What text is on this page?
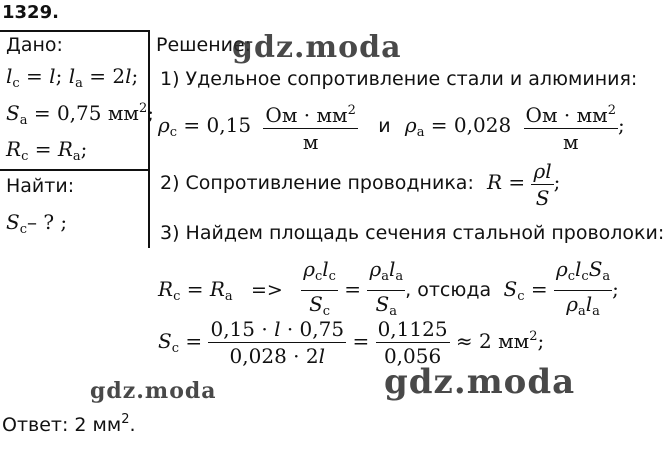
1329.
Дано:
$l_c = l$; $l_a = 2l$;
$S_a = 0,75$ $мм^2$;
$R_c = R_a$;
Найти:
$S_c-$ ? ;
Решение:
1) Удельное сопротивление стали и алюминия:
$\rho_c = 0,15 \frac{Ом \cdot мм^2}{м}$ и $\rho_a = 0,028 \frac{Ом \cdot мм^2}{м}$ ;
2) Сопротивление проводника: $R = \frac{\rho l}{S}$ ;
3) Найдем площадь сечения стальной проволоки:
$R_c = R_a => \frac{\rho_cl_c}{S_c} = \frac{\rho_al_a}{S_a}$ , отсюда $S_c = \frac{\rho_cl_cS_a}{\rho_al_a}$ ;
$S_c = \frac{0,15 \cdot l \cdot 0,75}{0,028 \cdot 2l} = \frac{0,1125}{0,056} \approx 2$ $мм^2$;
Ответ: 2 $мм^2$.
gdz.moda
gdz.moda	gdz.moda
